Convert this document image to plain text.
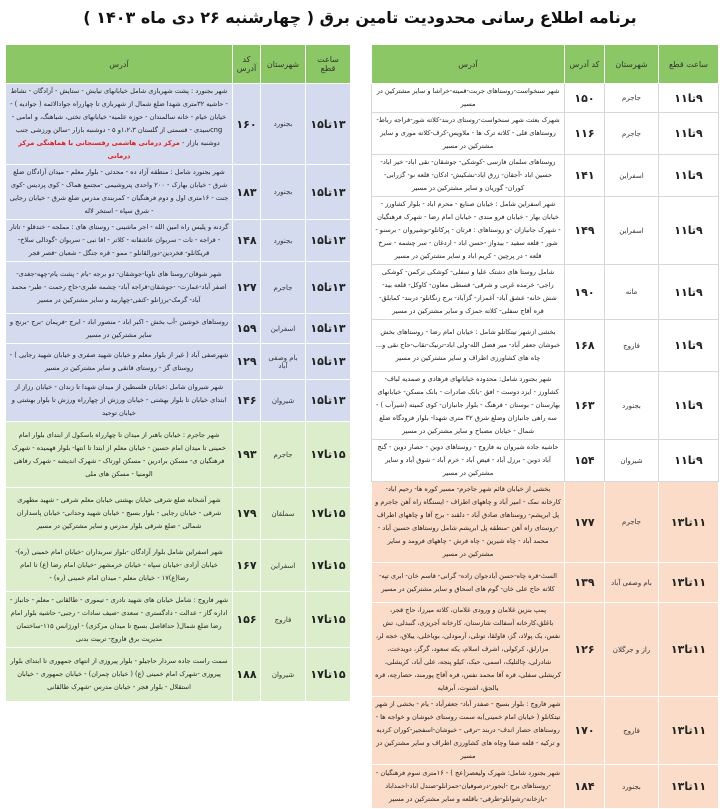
برنامه اطلاع رسانی محدودیت تامین برق ( چهارشنبه ۲۶ دی ماه ۱۴۰۳ )
ساعت قطع	شهرستان	کد آدرس	آدرس
۹تا۱۱	جاجرم	۱۵۰	شهر سنخواست-روستاهای جربت-قمیته-خراشا و سایر مشترکین در مسیر
۹تا۱۱	جاجرم	۱۱۶	شهرک بعثت شهر سنخواست-روستای دربند-کلاته شور-قراجه رباط-روستاهای قلی - کلاته ترک ها - ملاویس-کرف-کلاته موری و سایر مشترکین در مسیر
۹تا۱۱	اسفراین	۱۴۱	روستاهای سلمان فارسی -کوشکی- جوشقان- نقی اباد- خیر اباد- حسین اباد -آجقان- زرق اباد-نشکیش- ادکان- قلعه نو- گزرابی-کوران- گوریان و سایر مشترکین در مسیر
۹تا۱۱	اسفراین	۱۴۹	شهر اسفراین شامل : خیابان صنایع - محرم اباد - بلوار کشاورز - خیابان بهار - خیابان فرو مندی - خیابان امام رضا - شهرک فرهنگیان - شهرک جانبازان -و روستاهای : فرتان - پرکانلو-نوشیروان - برسنو - شور - قلعه سفید - بیدواز -حسن اباد - اردغان - سر چشمه - سرخ قلعه - در پرچین - کریم اباد و سایر مشترکین در مسیر
۹تا۱۱	مانه	۱۹۰	شامل روستا های دشتک علیا و سفلی- کوشکی ترکمن- کوشکی راجی- خرمده غربی و شرقی- قسطی معاون- کاوکل- قلعه بید- شش خانه- عشق آباد- آغمزار- گزآباد- برج زنگانلو- دربند- کمابلق- قره آقاج سفلی- کلاته حمزک و سایر مشترکین در مسیر
۹تا۱۱	فاروج	۱۶۸	بخشی ازشهر تیتکانلو شامل : خیابان امام رضا - روستاهای بخش خبوشان جعفر آباد- میر فضل الله-ولی اباد-ترنیک-نقاب-حاج نقی و... چاه های کشاورزی اطراف و سایر مشترکین در مسیر
۹تا۱۱	بجنورد	۱۶۳	شهر بجنورد شامل: محدوده خیابانهای فرهادی و صمدیه لباف- کشاورز - ایزد دوست - افق -بانک صادرات - بانک مسکن- خیابانهای بهارستان - بوستان - فرهنگ - بلوار جانبازان- کوی کمیته (شیرآب ) - سه راهی جانبازان وضلع شرق ۳۲ متری شهدا- بلوار فرودگاه ضلع شمال - خیابان مصباح و سایر مشترکین در مسیر
۹تا۱۱	شیروان	۱۵۴	حاشیه جاده شیروان به فاروج - روستاهای دوبن - حصار دوبن - گنج آباد دوبن - برزل آباد - فیض آباد - خرم آباد - شوق آباد و سایر مشترکین در مسیر
۱۱تا۱۳	جاجرم	۱۷۷	بخشی از خیابان قائم شهر جاجرم- مسیر کوره ها- رحیم اباد- کارخانه نمک - امیر آباد و چاههای اطراف - ایستگاه راه آهن جاجرم و پل ابریشم- روستاهای صادق آباد - دلقند - برج آقا و چاههای اطراف -روستای راه آهن -منطقه پل ابریشم شامل روستاهای حسین آباد - محمد آباد - چاه شیرین - چاه فرش - چاههای فرومد و سایر مشترکین در مسیر
۱۱تا۱۳	بام وصفی آباد	۱۳۹	السث-قره چاه-حسن آبادجوان زاده- گرانی- قاسم خان- ابری تپه- کلاته حاج علی خان- گوم های اسحاق و سایر مشترکین در مسیر
۱۱تا۱۳	راز و جرگلان	۱۲۶	پمپ بنزین غلامان و ورودی غلامان، کلاته میرزا، حاج قجر، باغلق،کارخانه آسفالت شارستان، کارخانه آجرپزی، گنبدلی، تش نفس، یک پولاد، گز، قاولقا، تونلی، آرمودلی، بویاخلی، ییلاق، خجه لر، مزارلق، کرکولی، اشرف اسلام، یکه سعود، گرگز، دویدخت، شادرلی، چالتلیک، اسمی، حبک، کیلو پنجه، علی آباد، کریشلی، کریشلی سفلی، قره آقا محمد نفس، قره آقاج پورمند، حصارچه، قره یالجق، اشنوت، آبرقایه
۱۱تا۱۳	فاروج	۱۷۰	شهر فاروج : بلوار بسیج - صفدر آباد- جعفرآباد - یام - بخشی از شهر تیتکانلو ( خیابان امام خمینی)به سمت روستای خبوشان و خواجه ها - روستاهای حصار اندف- دربند -ترقی - خبوشان-اسفجیر-کوران کردیه و ترکیه - قلعه صفا وچاه های کشاورزی اطراف و سایر مشترکین در مسیر
۱۱تا۱۳	بجنورد	۱۸۴	شهر بجنورد شامل: شهرک ولیعصر(عج ) - ۱۶متری سوم فرهنگیان --روستاهای برج -ایجور-درصوفیان-حمزانلو-صندل اباد-احمداباد -بازخانه-رشوانلو-طرقی- باقلعه و سایر مشترکین در مسیر
ساعت قطع	شهرستان	کد آدرس	آدرس
۱۳تا۱۵	بجنورد	۱۶۰	شهر بجنورد : پشت شهربازی شامل خیابانهای نیایش - ستایش - آزادگان - نشاط - حاشیه ۳۲متری شهدا ضلع شمال از شهربازی تا چهارراه جوادالائمه ( جوادیه ) - خیابان خیام - خانه سالمندان - حوزه علمیه- خیابانهای تختی، شباهنگ، و امامی - cngسیدی - قسمتی از گلستان ۱،۲،۳و ۵ - دوشنبه بازار -سالن ورزشی جنب دوشنبه بازار - مرکز درمانی هاشمی رفسنجانی با هماهنگی مرکز درمانی
۱۳تا۱۵	بجنورد	۱۸۳	شهر بجنورد شامل : منطقه آزاد ده - محدثی - بلوار معلم - میدان آزادگان ضلع شرق - خیابان بهارک - ۲۰۰ واحدی پتروشیمی -مجتمع هماک - کوی پردیس -کوی جنت - ۱۶متری اول و دوم فرهنگیان - کمربندی مدرس ضلع شرق - خیابان رجایی - شرق سپاه - استخر لاله
۱۳تا۱۵	بجنورد	۱۴۸	گردنه و پلیس راه امین الله - اجر ماشینی - روستای های : مملجه - خندقلو - تاتار - قراجه - تات - سربوان عاشقانه - کلاتر - اقا نبی - سربوان -گودالی سلاخ- قریکانلو- فخردین-دورالقانلو - ممو - قره جنگل - شعبان -قصر قجر
۱۳تا۱۵	جاجرم	۱۲۷	شهر شوقان-روستا های ناویا-جوشقان- دو برجه -بام - پشت یام-چهه-جغدی- اصفر آباد-عمارت- -جوشقان-قراجه آباد- چشمه طبری-حاج رحمت - طبر- محمد آباد- گرمک-برزانلو -کنفی-چهاربید و سایر مشترکین در مسیر
۱۳تا۱۵	اسفراین	۱۵۹	روستاهای خوشین -آب بخش - اکبر اباد - منصور اباد - ابرج -فریمان -برج -برنج و سایر مشترکین در مسیر
۱۳تا۱۵	بام وصفی آباد	۱۲۹	شهرصفی آباد ( غیر از بلوار معلم و خیابان شهید صفری و خیابان شهید رجایی ) - روستای گز - روستای قانقی و سایر مشترکین در مسیر
۱۳تا۱۵	شیروان	۱۴۶	شهر شیروان شامل :خیابان فلسطین از میدان شهدا تا زندان - خیابان رزاز از ابتدای خیابان تا بلوار بهشتی - خیابان ورزش از چهارراه ورزش تا بلوار بهشتی و خیابان توحید
۱۵تا۱۷	جاجرم	۱۹۳	شهر جاجرم : خیابان باهنر از میدان تا چهارراه باسکول از ابتدای بلوار امام خمینی تا میدان امام حسین - خیابان معلم از ابتدا تا انتها- بلوار فهمیده - شهرک فرهنگیان ی- مسکن برادرین - مسکن اورتاک - شهرک اندیشه - شهرک رفاهی الومنیا - مسکن های ملی
۱۵تا۱۷	سملقان	۱۷۹	شهر آشخانه ضلع شرقی خیابان بهشتی خیابان معلم شرقی - شهید مطهری شرقی - خیابان رجایی - بلوار بسیج - خیابان شهید وحدانی- خیابان پاسداران شمالی - ضلع شرقی بلوار مدرس و سایر مشترکین در مسیر
۱۵تا۱۷	اسفراین	۱۶۷	شهر اسفراین شامل بلوار آزادگان -بلوار سربداران -خیابان امام خمینی (ره)- خیابان آزادی -خیابان سپاه - خیابان خرمشهر -خیابان امام رضا (ع) تا امام رضا(ع)۱۷ - خیابان معلم - میدان امام خمینی (ره) -
۱۵تا۱۷	فاروج	۱۵۶	شهر فاروج : شامل خیابان های شهید نادری - تیموری - طالقانی - معلم - جانباز - اداره گاز - عدالت - دادگستری - سعدی -صیف سادات - رجبی- حاشیه بلوار امام رضا ضلع شمال( حداقاصل بسیج تا میدان مرکزی) - اورژانس ۱۱۵-ساختمان مدیریت برق فاروج- تربیت بدنی
۱۵تا۱۷	شیروان	۱۸۸	سمت راست جاده سردار حاجیلو - بلوار پیروزی از انتهای جمهوری تا ابتدای بلوار پیروزی -شهرک امام خمینی (ع) ( خیابان چمران) - خیابان جمهوری - خیابان استقلال - بلوار فجر - خیابان مدرس -شهرک طالقانی
